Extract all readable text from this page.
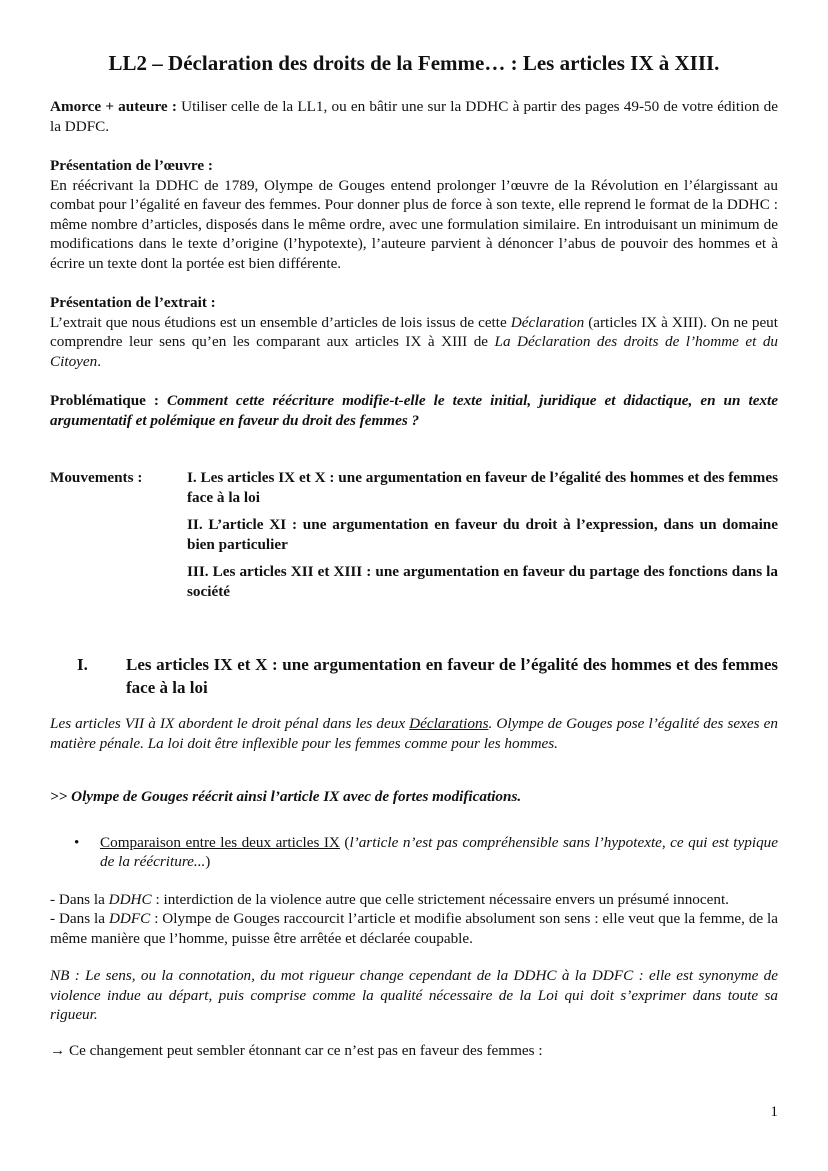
LL2 – Déclaration des droits de la Femme… : Les articles IX à XIII.

Amorce + auteure : Utiliser celle de la LL1, ou en bâtir une sur la DDHC à partir des pages 49-50 de votre édition de la DDFC.

Présentation de l’œuvre :

En réécrivant la DDHC de 1789, Olympe de Gouges entend prolonger l’œuvre de la Révolution en l’élargissant au combat pour l’égalité en faveur des femmes. Pour donner plus de force à son texte, elle reprend le format de la DDHC : même nombre d’articles, disposés dans le même ordre, avec une formulation similaire. En introduisant un minimum de modifications dans le texte d’origine (l’hypotexte), l’auteure parvient à dénoncer l’abus de pouvoir des hommes et à écrire un texte dont la portée est bien différente.

Présentation de l’extrait :

L’extrait que nous étudions est un ensemble d’articles de lois issus de cette Déclaration (articles IX à XIII). On ne peut comprendre leur sens qu’en les comparant aux articles IX à XIII de La Déclaration des droits de l’homme et du Citoyen.

Problématique : Comment cette réécriture modifie-t-elle le texte initial, juridique et didactique, en un texte argumentatif et polémique en faveur du droit des femmes ?

Mouvements :	I. Les articles IX et X : une argumentation en faveur de l’égalité des hommes et des femmes face à la loi

II. L’article XI : une argumentation en faveur du droit à l’expression, dans un domaine bien particulier

III. Les articles XII et XIII : une argumentation en faveur du partage des fonctions dans la société

I.	Les articles IX et X : une argumentation en faveur de l’égalité des hommes et des femmes face à la loi

Les articles VII à IX abordent le droit pénal dans les deux Déclarations. Olympe de Gouges pose l’égalité des sexes en matière pénale. La loi doit être inflexible pour les femmes comme pour les hommes.

>> Olympe de Gouges réécrit ainsi l’article IX avec de fortes modifications.

•	Comparaison entre les deux articles IX (l’article n’est pas compréhensible sans l’hypotexte, ce qui est typique de la réécriture...)

- Dans la DDHC : interdiction de la violence autre que celle strictement nécessaire envers un présumé innocent.

- Dans la DDFC : Olympe de Gouges raccourcit l’article et modifie absolument son sens : elle veut que la femme, de la même manière que l’homme, puisse être arrêtée et déclarée coupable.

NB : Le sens, ou la connotation, du mot rigueur change cependant de la DDHC à la DDFC : elle est synonyme de violence indue au départ, puis comprise comme la qualité nécessaire de la Loi qui doit s’exprimer dans toute sa rigueur.

→ Ce changement peut sembler étonnant car ce n’est pas en faveur des femmes :

1
